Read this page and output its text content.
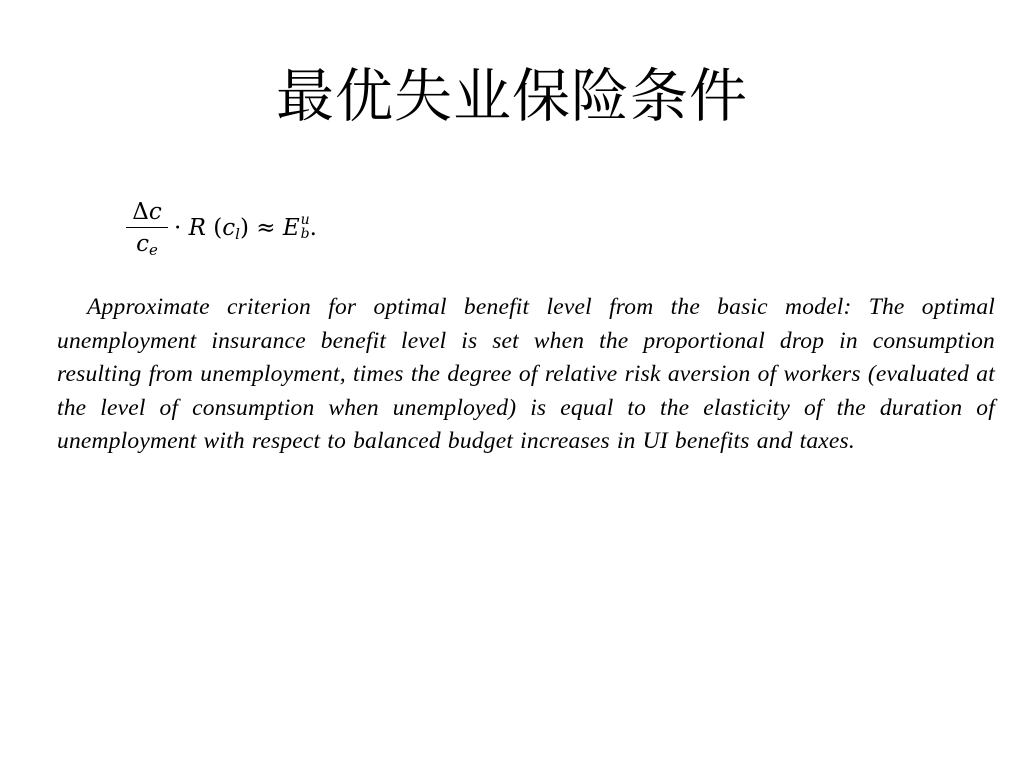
最优失业保险条件
$\frac{\Delta c}{c_e} \cdot R$ $(c_l) \approx E$ u
b .

Approximate criterion for optimal benefit level from the basic model: The optimal unemployment insurance benefit level is set when the proportional drop in consumption resulting from unemployment, times the degree of relative risk aversion of workers (evaluated at the level of consumption when unemployed) is equal to the elasticity of the duration of unemployment with respect to balanced budget increases in UI benefits and taxes.
